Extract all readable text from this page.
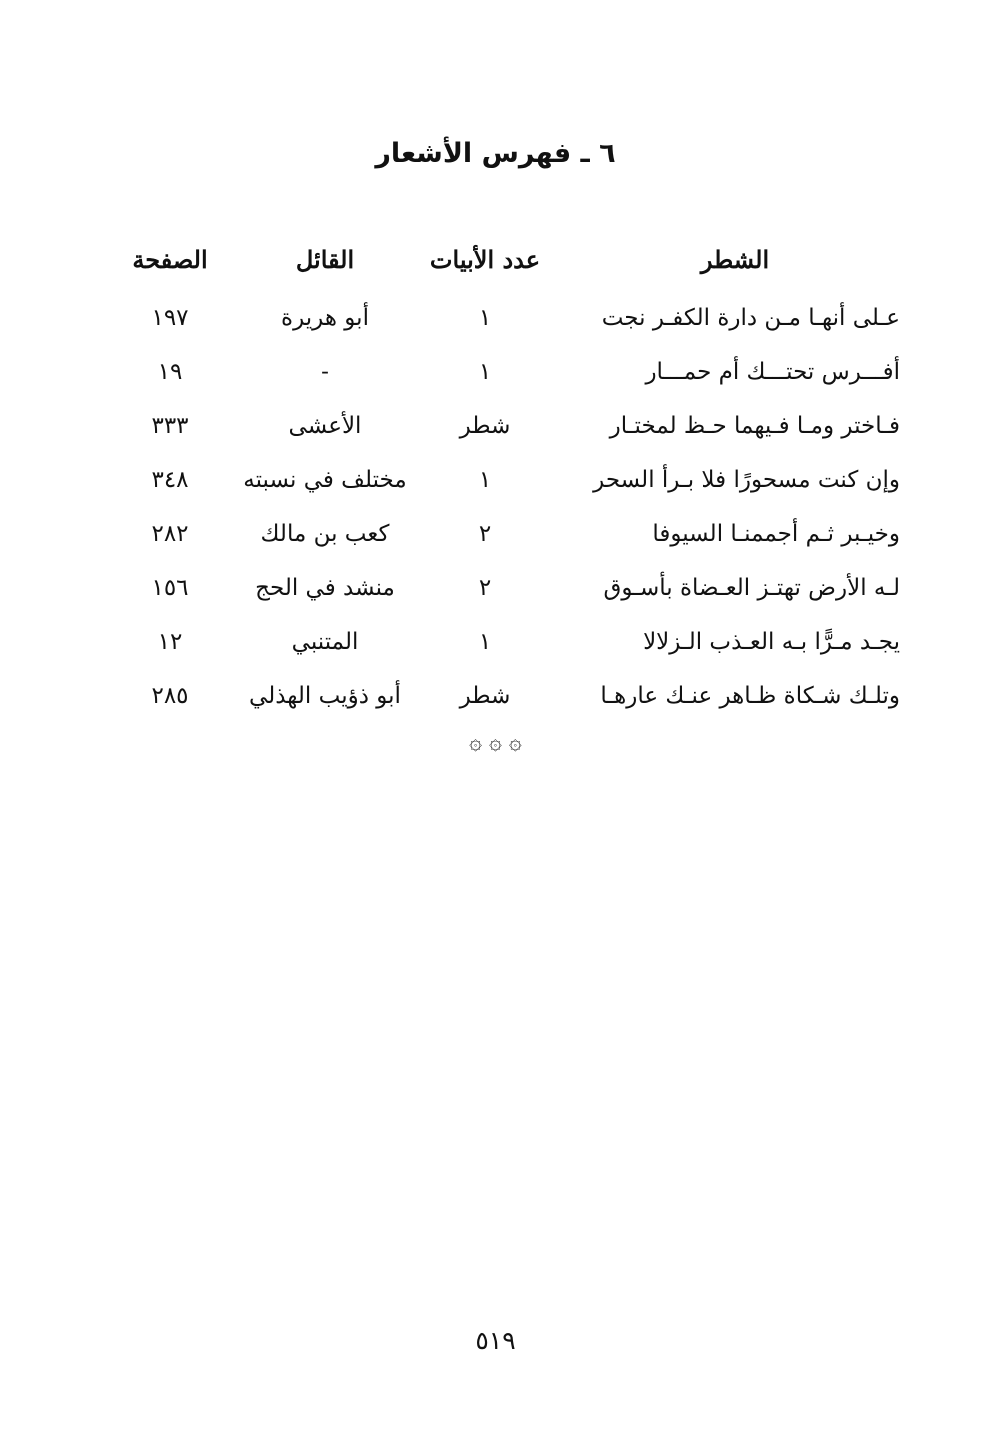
٦ ـ فهرس الأشعار
الشطر
عدد الأبيات
القائل
الصفحة
عـلى أنهـا مـن دارة الكفـر نجت
١
أبو هريرة
١٩٧
أفـــرس تحتـــك أم حمـــار
١
-
١٩
فـاختر ومـا فـيهما حـظ لمختـار
شطر
الأعشى
٣٣٣
وإن كنت مسحورًا فلا بـرأ السحر
١
مختلف في نسبته
٣٤٨
وخيـبر ثـم أجممنـا السيوفا
٢
كعب بن مالك
٢٨٢
لـه الأرض تهتـز العـضاة بأسـوق
٢
منشد في الحج
١٥٦
يجـد مـرًّا بـه العـذب الـزلالا
١
المتنبي
١٢
وتلـك شـكاة ظـاهر عنـك عارهـا
شطر
أبو ذؤيب الهذلي
٢٨٥
۞ ۞ ۞
٥١٩
